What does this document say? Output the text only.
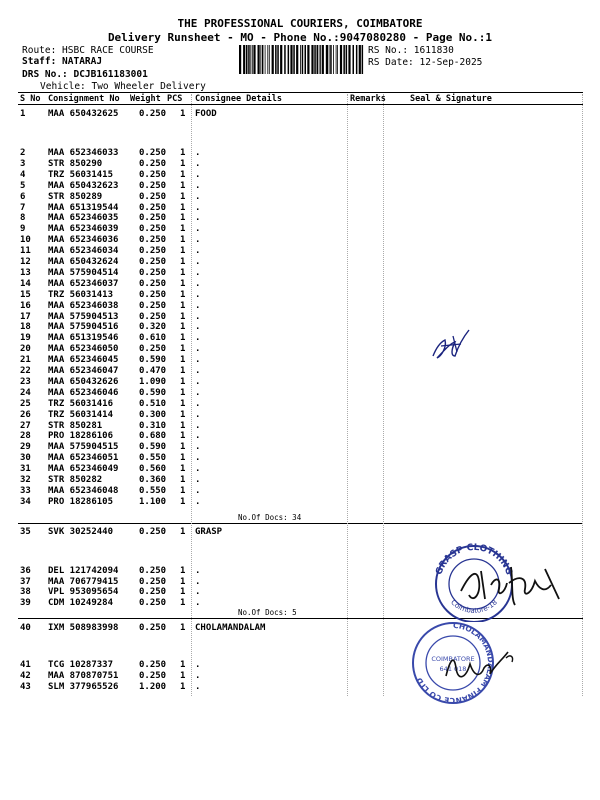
THE PROFESSIONAL COURIERS, COIMBATORE
Delivery Runsheet - MO - Phone No.:9047080280 - Page No.:1
Route: HSBC RACE COURSE
Staff: NATARAJ
DRS No.: DCJB161183001
Vehicle: Two Wheeler Delivery
RS No.: 1611830
RS Date: 12-Sep-2025
S No Consignment No Weight PCS Consignee Details	Remarks	Seal & Signature
1	MAA 650432625 0.250 1 FOOD
2	MAA 652346033 0.250 1 .
3	STR 850290	0.250 1 .
4	TRZ 56031415	0.250 1 .
5	MAA 650432623 0.250 1 .
6	STR 850289	0.250 1 .
7	MAA 651319544 0.250 1 .
8	MAA 652346035 0.250 1 .
9	MAA 652346039 0.250 1 .
10 MAA 652346036 0.250 1 .
11 MAA 652346034 0.250 1 .
12 MAA 650432624 0.250 1 .
13 MAA 575904514 0.250 1 .
14 MAA 652346037 0.250 1 .
15 TRZ 56031413	0.250 1 .
16 MAA 652346038 0.250 1 .
17 MAA 575904513 0.250 1 .
18 MAA 575904516 0.320 1 .
19 MAA 651319546 0.610 1 .
20 MAA 652346050 0.250 1 .
21 MAA 652346045 0.590 1 .
22 MAA 652346047 0.470 1 .
23 MAA 650432626 1.090 1 .
24 MAA 652346046 0.590 1 .
25 TRZ 56031416	0.510 1 .
26 TRZ 56031414	0.300 1 .
27 STR 850281	0.310 1 .
28 PRO 18286106	0.680 1 .
29 MAA 575904515 0.590 1 .
30 MAA 652346051 0.550 1 .
31 MAA 652346049 0.560 1 .
32 STR 850282	0.360 1 .
33 MAA 652346048 0.550 1 .
34 PRO 18286105	1.100 1 .
35 SVK 30252440	0.250 1 GRASP
36 DEL 121742094 0.250 1 .
37 MAA 706779415 0.250 1 .
38 VPL 953095654 0.250 1 .
39 CDM 10249284	0.250 1 .
40 IXM 508983998 0.250 1 CHOLAMANDALAM
41 TCG 10287337	0.250 1 .
42 MAA 870870751 0.250 1 .
43 SLM 377965526 1.200 1 .
No.Of Docs: 34
No.Of Docs: 5
GRASP CLOTHING
Coimbatore-18
CHOLAMANDALAM FINANCE CO LTD
COIMBATORE
641 018
